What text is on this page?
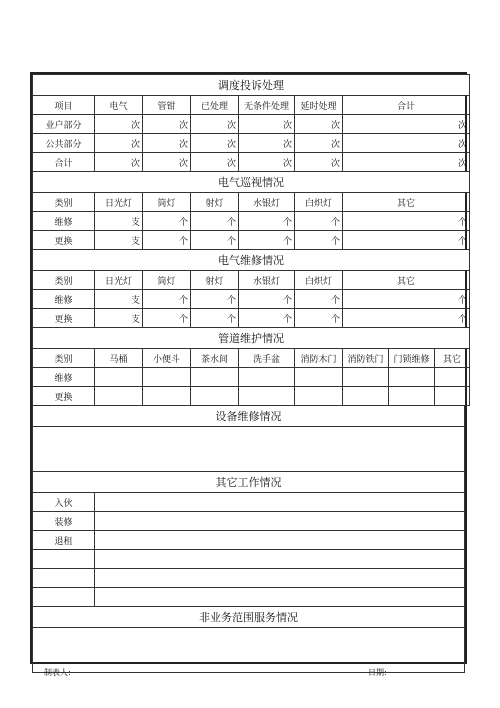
调度投诉处理						
项目	电气	管钳	已处理	无条件处理	延时处理	合计
业户部分	次	次	次	次	次	次
公共部分	次	次	次	次	次	次
合计	次	次	次	次	次	次
电气巡视情况						
类别	日光灯	筒灯	射灯	水银灯	白炽灯	其它
维修	支	个	个	个	个	个
更换	支	个	个	个	个	个
电气维修情况						
类别	日光灯	筒灯	射灯	水银灯	白炽灯	其它
维修	支	个	个	个	个	个
更换	支	个	个	个	个	个
管道维护情况								
类别	马桶	小便斗	茶水间	洗手盆	消防木门	消防铁门	门锁维修	其它
维修								
更换								
设备维修情况	

其它工作情况	
入伙	
装修	
退租	

非业务范围服务情况	

制表人:	日期:
